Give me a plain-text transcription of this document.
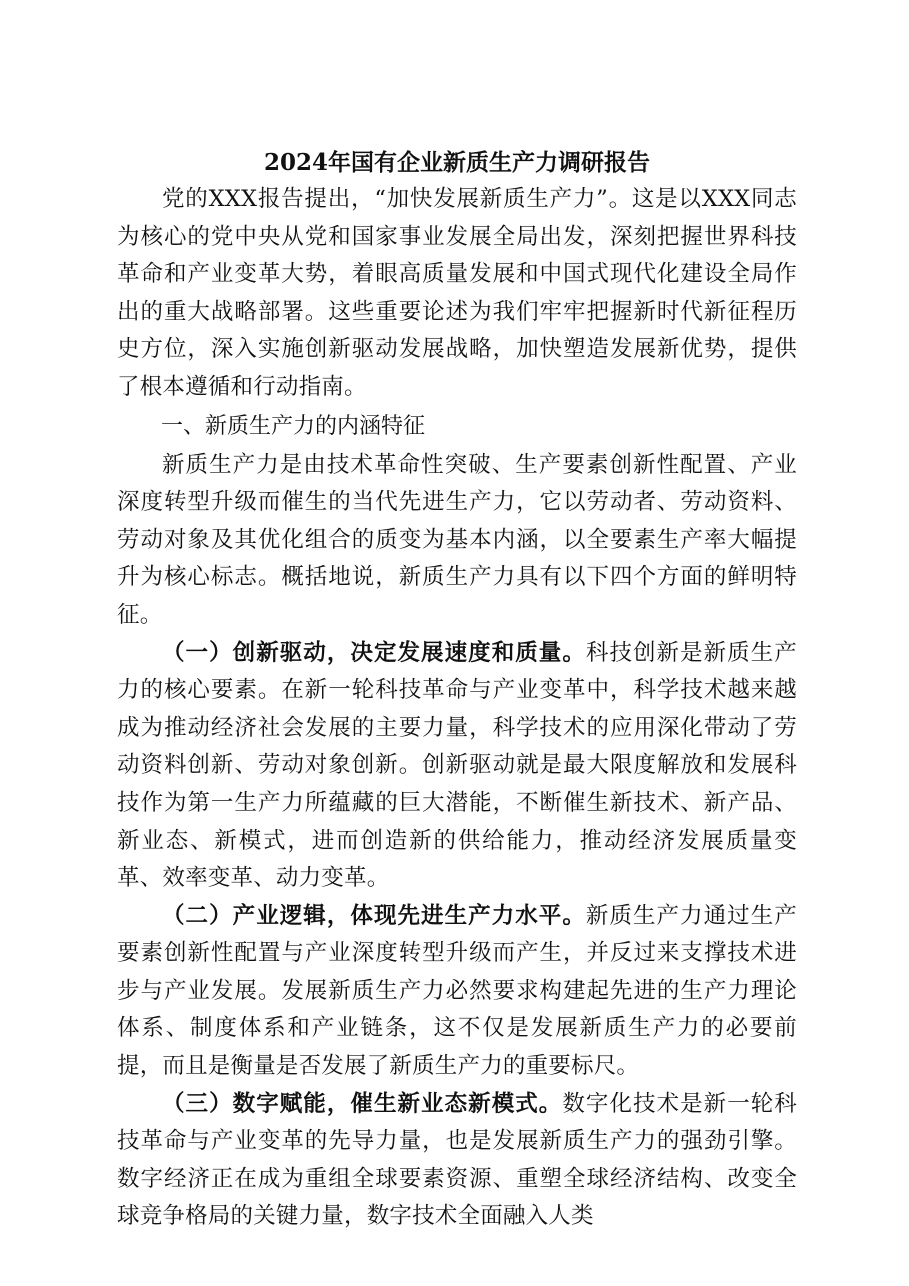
2024年国有企业新质生产力调研报告

党的XXX报告提出，“加快发展新质生产力”。这是以XXX同志为核心的党中央从党和国家事业发展全局出发，深刻把握世界科技革命和产业变革大势，着眼高质量发展和中国式现代化建设全局作出的重大战略部署。这些重要论述为我们牢牢把握新时代新征程历史方位，深入实施创新驱动发展战略，加快塑造发展新优势，提供了根本遵循和行动指南。

一、新质生产力的内涵特征

新质生产力是由技术革命性突破、生产要素创新性配置、产业深度转型升级而催生的当代先进生产力，它以劳动者、劳动资料、劳动对象及其优化组合的质变为基本内涵，以全要素生产率大幅提升为核心标志。概括地说，新质生产力具有以下四个方面的鲜明特征。

（一）创新驱动，决定发展速度和质量。科技创新是新质生产力的核心要素。在新一轮科技革命与产业变革中，科学技术越来越成为推动经济社会发展的主要力量，科学技术的应用深化带动了劳动资料创新、劳动对象创新。创新驱动就是最大限度解放和发展科技作为第一生产力所蕴藏的巨大潜能，不断催生新技术、新产品、新业态、新模式，进而创造新的供给能力，推动经济发展质量变革、效率变革、动力变革。

（二）产业逻辑，体现先进生产力水平。新质生产力通过生产要素创新性配置与产业深度转型升级而产生，并反过来支撑技术进步与产业发展。发展新质生产力必然要求构建起先进的生产力理论体系、制度体系和产业链条，这不仅是发展新质生产力的必要前提，而且是衡量是否发展了新质生产力的重要标尺。

（三）数字赋能，催生新业态新模式。数字化技术是新一轮科技革命与产业变革的先导力量，也是发展新质生产力的强劲引擎。数字经济正在成为重组全球要素资源、重塑全球经济结构、改变全球竞争格局的关键力量，数字技术全面融入人类
